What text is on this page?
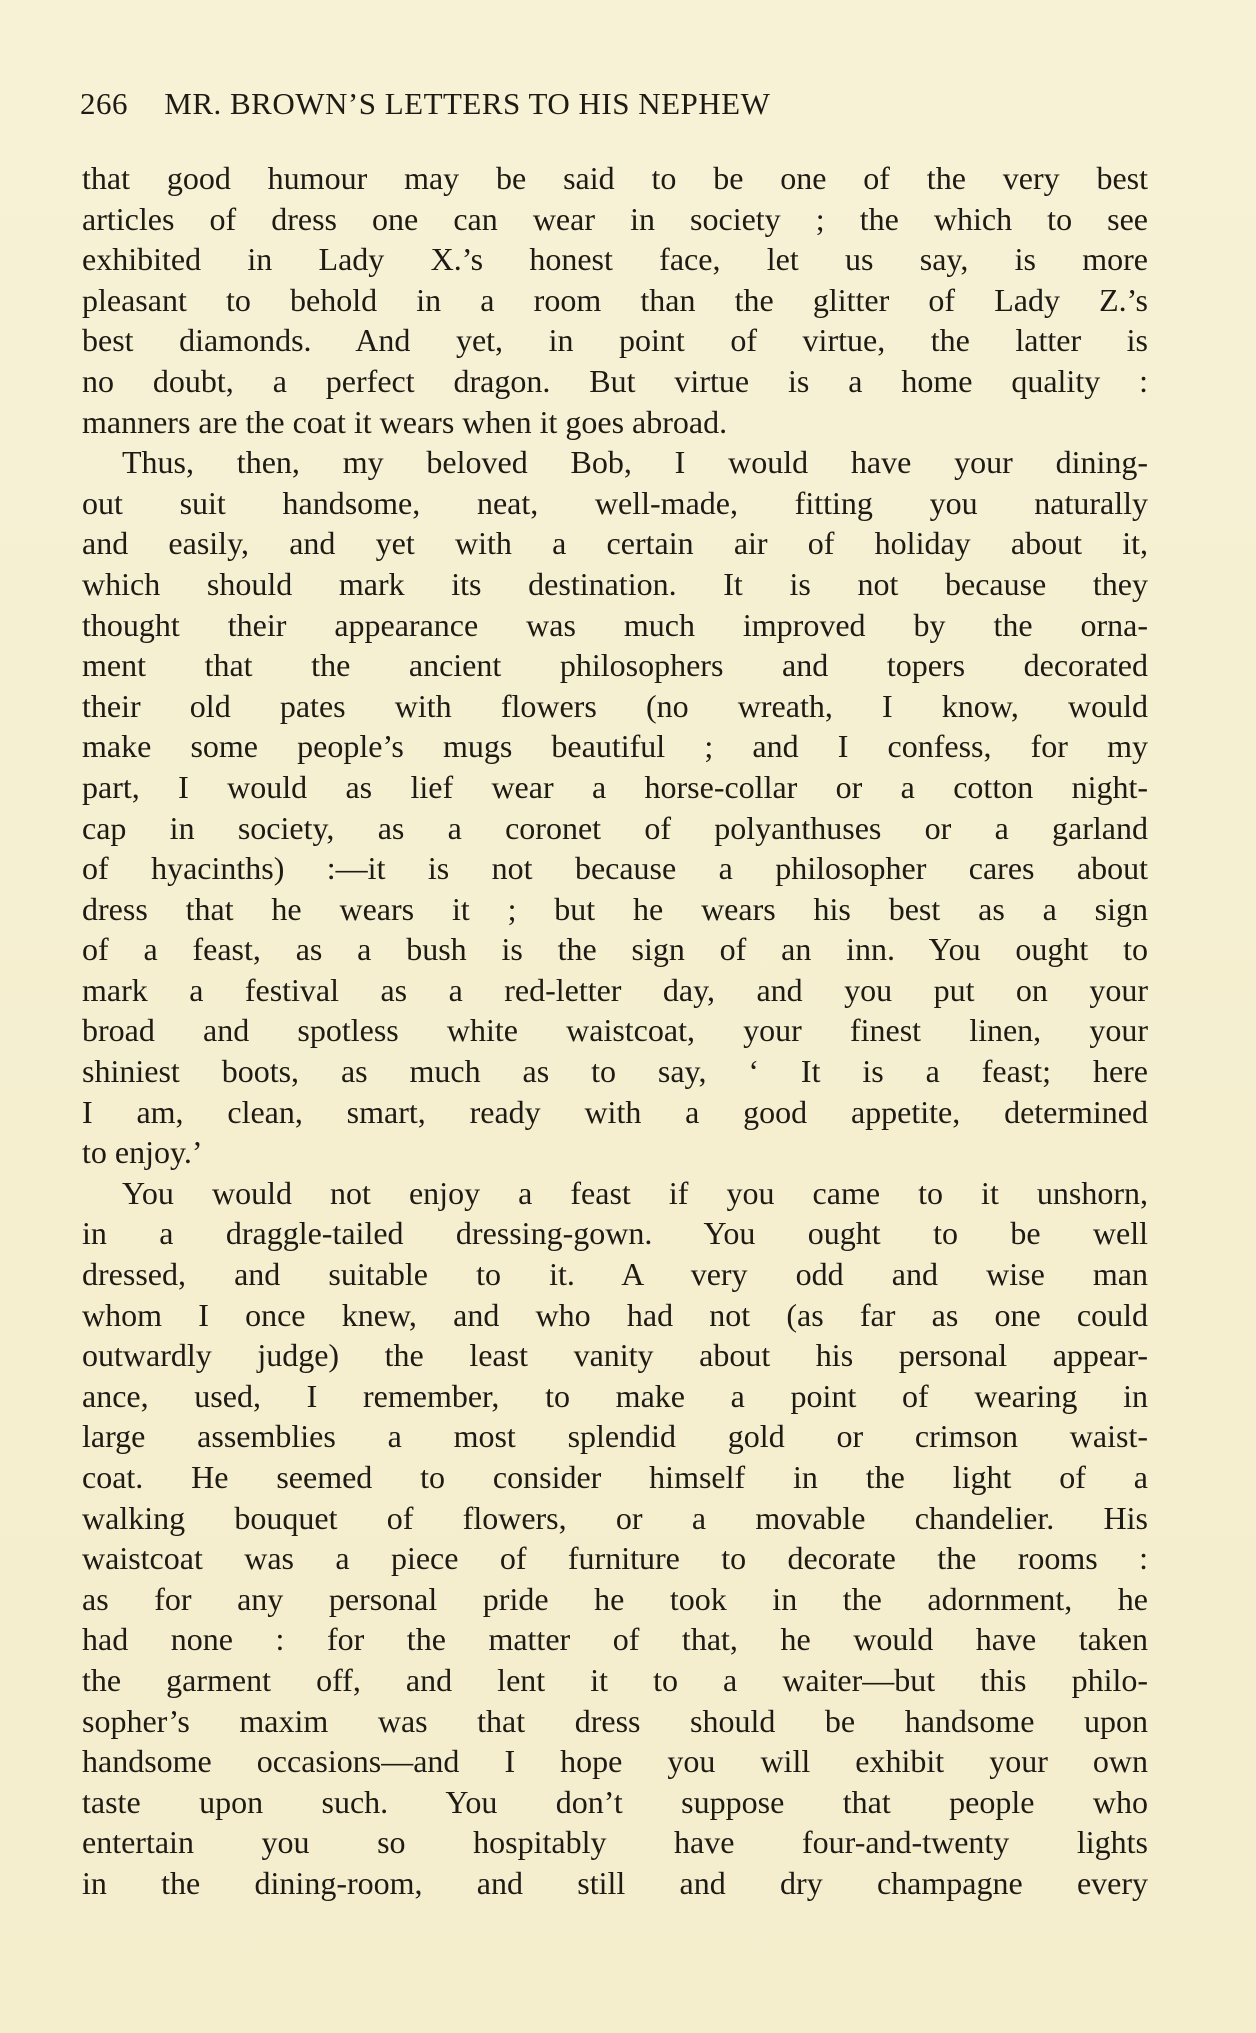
266 MR. BROWN’S LETTERS TO HIS NEPHEW
that good humour may be said to be one of the very best
articles of dress one can wear in society ; the which to see
exhibited in Lady X.’s honest face, let us say, is more
pleasant to behold in a room than the glitter of Lady Z.’s
best diamonds. And yet, in point of virtue, the latter is
no doubt, a perfect dragon. But virtue is a home quality :
manners are the coat it wears when it goes abroad.
Thus, then, my beloved Bob, I would have your dining-
out suit handsome, neat, well-made, fitting you naturally
and easily, and yet with a certain air of holiday about it,
which should mark its destination. It is not because they
thought their appearance was much improved by the orna-
ment that the ancient philosophers and topers decorated
their old pates with flowers (no wreath, I know, would
make some people’s mugs beautiful ; and I confess, for my
part, I would as lief wear a horse-collar or a cotton night-
cap in society, as a coronet of polyanthuses or a garland
of hyacinths) :—it is not because a philosopher cares about
dress that he wears it ; but he wears his best as a sign
of a feast, as a bush is the sign of an inn. You ought to
mark a festival as a red-letter day, and you put on your
broad and spotless white waistcoat, your finest linen, your
shiniest boots, as much as to say, ‘ It is a feast; here
I am, clean, smart, ready with a good appetite, determined
to enjoy.’
You would not enjoy a feast if you came to it unshorn,
in a draggle-tailed dressing-gown. You ought to be well
dressed, and suitable to it. A very odd and wise man
whom I once knew, and who had not (as far as one could
outwardly judge) the least vanity about his personal appear-
ance, used, I remember, to make a point of wearing in
large assemblies a most splendid gold or crimson waist-
coat. He seemed to consider himself in the light of a
walking bouquet of flowers, or a movable chandelier. His
waistcoat was a piece of furniture to decorate the rooms :
as for any personal pride he took in the adornment, he
had none : for the matter of that, he would have taken
the garment off, and lent it to a waiter—but this philo-
sopher’s maxim was that dress should be handsome upon
handsome occasions—and I hope you will exhibit your own
taste upon such. You don’t suppose that people who
entertain you so hospitably have four-and-twenty lights
in the dining-room, and still and dry champagne every
